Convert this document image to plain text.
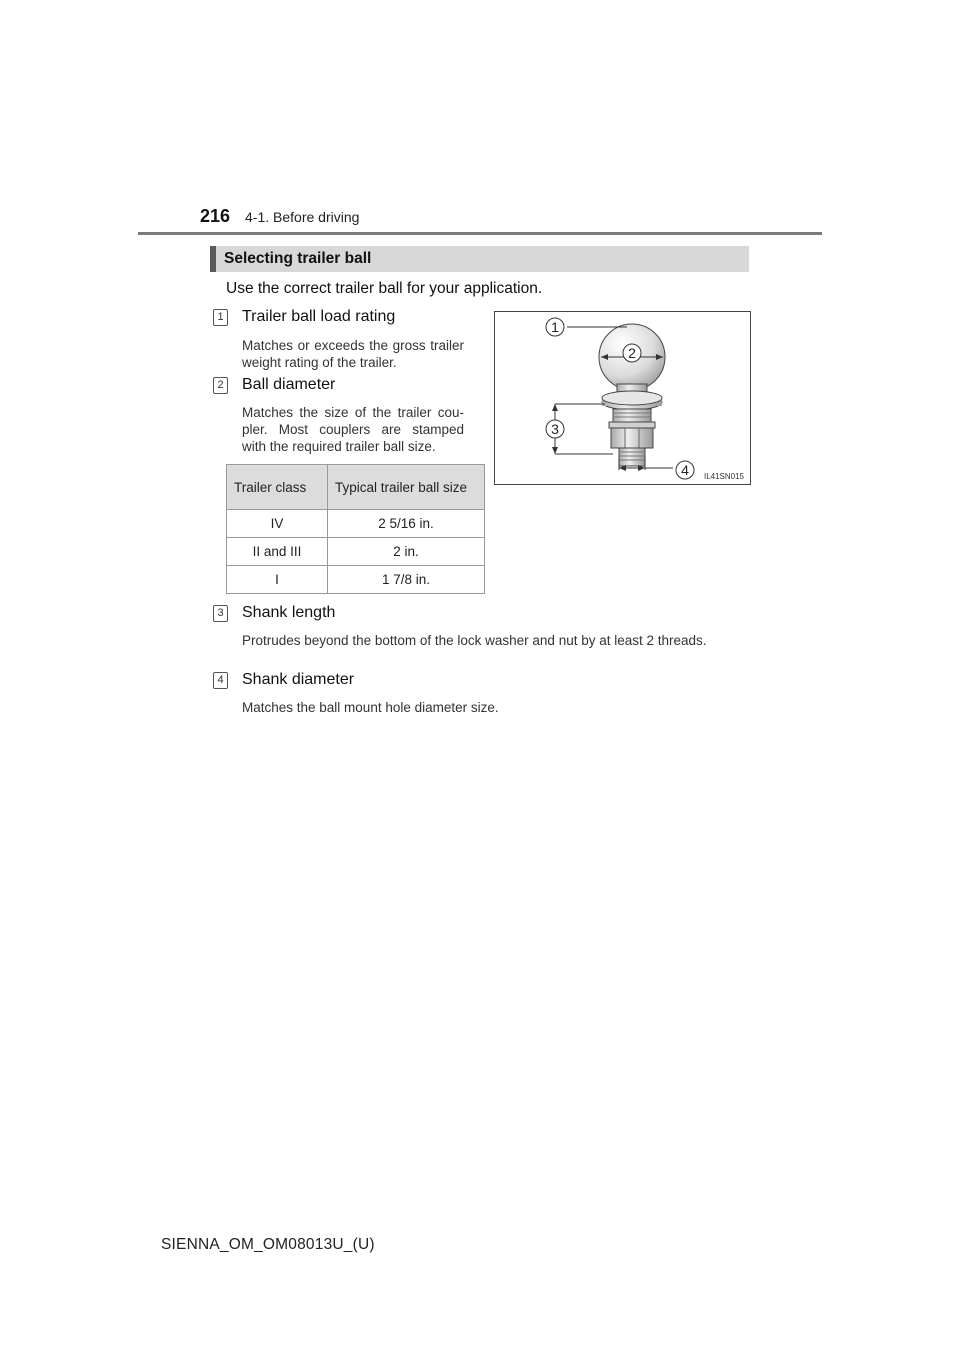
216 4-1. Before driving
Selecting trailer ball
Use the correct trailer ball for your application.
1 Trailer ball load rating
Matches or exceeds the gross trailer weight rating of the trailer.
2 Ball diameter
Matches the size of the trailer cou-
pler. Most couplers are stamped
with the required trailer ball size.
1
2
3
4 IL41SN015
Trailer class	Typical trailer ball size
IV	2 5/16 in.
II and III	2 in.
I	1 7/8 in.
3 Shank length
Protrudes beyond the bottom of the lock washer and nut by at least 2 threads.
4 Shank diameter
Matches the ball mount hole diameter size.
SIENNA_OM_OM08013U_(U)
